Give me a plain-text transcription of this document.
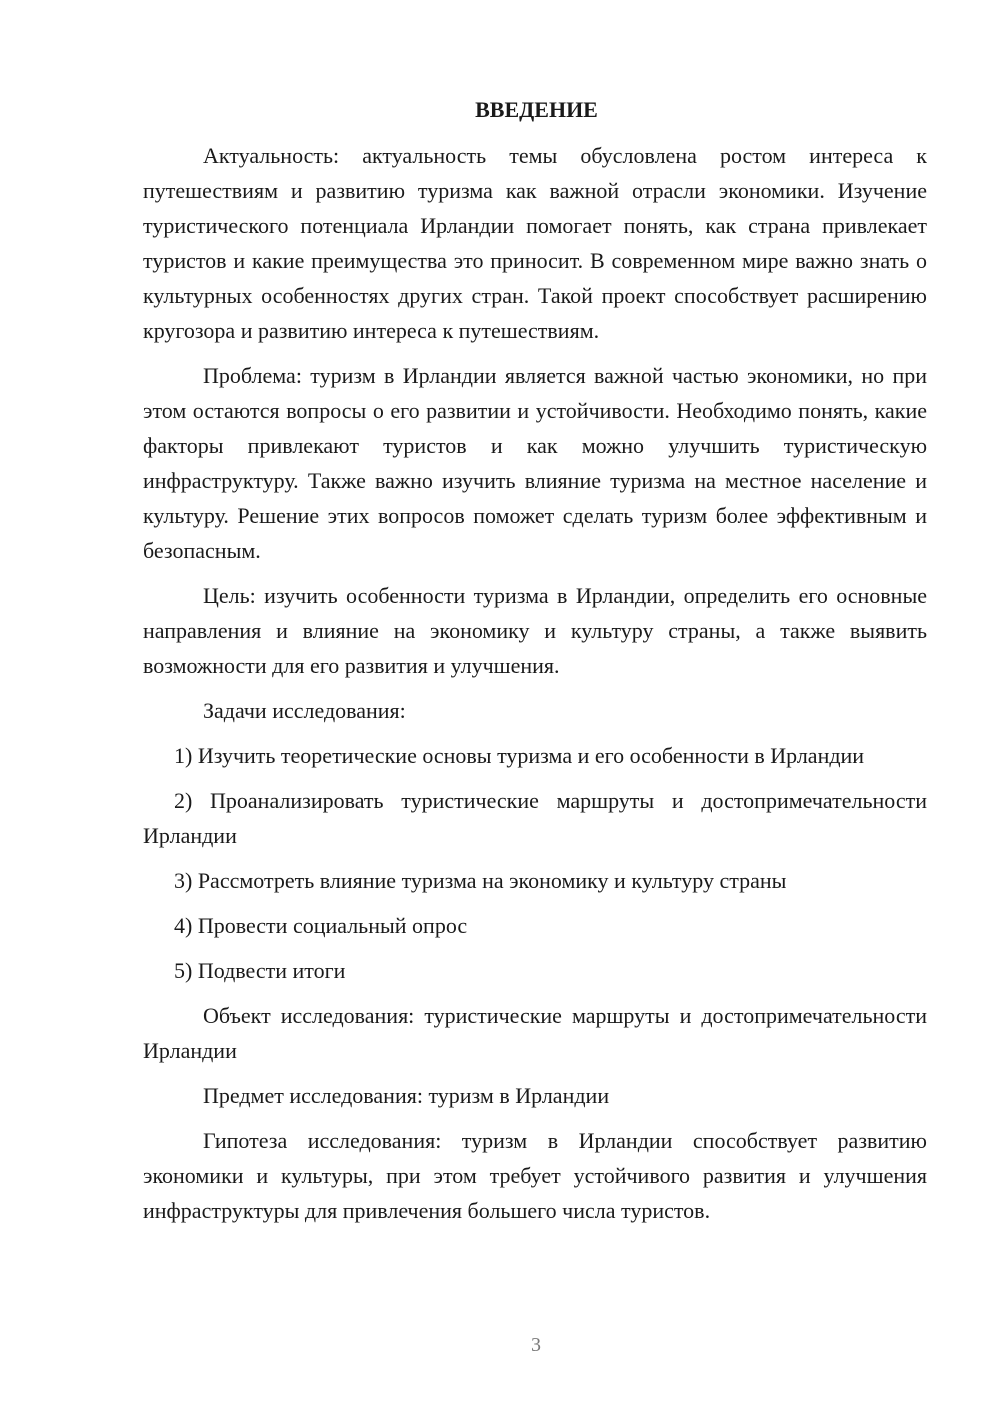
ВВЕДЕНИЕ

Актуальность: актуальность темы обусловлена ростом интереса к путешествиям и развитию туризма как важной отрасли экономики. Изучение туристического потенциала Ирландии помогает понять, как страна привлекает туристов и какие преимущества это приносит. В современном мире важно знать о культурных особенностях других стран. Такой проект способствует расширению кругозора и развитию интереса к путешествиям.

Проблема: туризм в Ирландии является важной частью экономики, но при этом остаются вопросы о его развитии и устойчивости. Необходимо понять, какие факторы привлекают туристов и как можно улучшить туристическую инфраструктуру. Также важно изучить влияние туризма на местное население и культуру. Решение этих вопросов поможет сделать туризм более эффективным и безопасным.

Цель: изучить особенности туризма в Ирландии, определить его основные направления и влияние на экономику и культуру страны, а также выявить возможности для его развития и улучшения.

Задачи исследования:

1) Изучить теоретические основы туризма и его особенности в Ирландии

2) Проанализировать туристические маршруты и достопримечательности Ирландии

3) Рассмотреть влияние туризма на экономику и культуру страны

4) Провести социальный опрос

5) Подвести итоги

Объект исследования: туристические маршруты и достопримечательности Ирландии

Предмет исследования: туризм в Ирландии

Гипотеза исследования: туризм в Ирландии способствует развитию экономики и культуры, при этом требует устойчивого развития и улучшения инфраструктуры для привлечения большего числа туристов.

3
